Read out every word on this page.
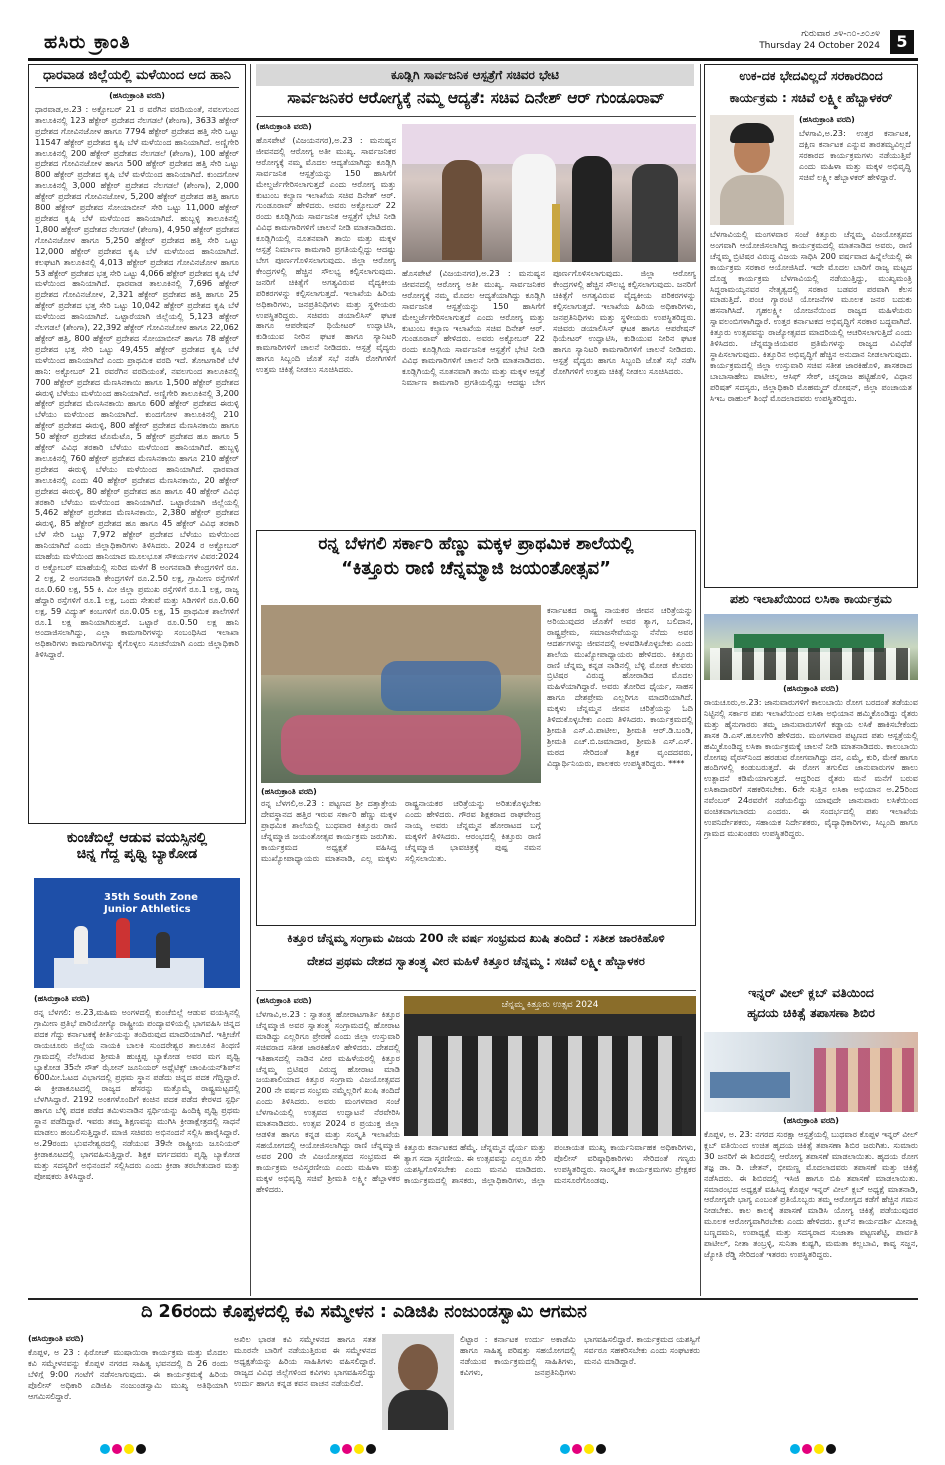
ಹಸಿರು ಕ್ರಾಂತಿ	ಗುರುವಾರ ೨೪-೧೦-೨೦೨೪
Thursday 24 October 2024	5
ಧಾರವಾಡ ಜಿಲ್ಲೆಯಲ್ಲಿ ಮಳೆಯಿಂದ ಆದ ಹಾನಿ
(ಹಸಿರುಕ್ರಾಂತಿ ವರದಿ)
ಧಾರವಾಡ,ಅ.23 : ಅಕ್ಟೋಬರ್ 21 ರ ವರೆಗಿನ ವರದಿಯಂತೆ, ನವಲಗುಂದ ತಾಲೂಕಿನಲ್ಲಿ 123 ಹೆಕ್ಟೇರ್ ಪ್ರದೇಶದ ನೆಲಗಡಲೆ (ಶೇಂಗಾ), 3633 ಹೆಕ್ಟೇರ್ ಪ್ರದೇಶದ ಗೋವಿನಜೋಳ ಹಾಗೂ 7794 ಹೆಕ್ಟೇರ್ ಪ್ರದೇಶದ ಹತ್ತಿ ಸೇರಿ ಒಟ್ಟು 11547 ಹೆಕ್ಟೇರ್ ಪ್ರದೇಶದ ಕೃಷಿ ಬೆಳೆ ಮಳೆಯಿಂದ ಹಾನಿಯಾಗಿದೆ. ಅಣ್ಣಿಗೇರಿ ತಾಲೂಕಿನಲ್ಲಿ 200 ಹೆಕ್ಟೇರ್ ಪ್ರದೇಶದ ನೆಲಗಡಲೆ (ಶೇಂಗಾ), 100 ಹೆಕ್ಟೇರ್ ಪ್ರದೇಶದ ಗೋವಿನಜೋಳ ಹಾಗೂ 500 ಹೆಕ್ಟೇರ್ ಪ್ರದೇಶದ ಹತ್ತಿ ಸೇರಿ ಒಟ್ಟು 800 ಹೆಕ್ಟೇರ್ ಪ್ರದೇಶದ ಕೃಷಿ ಬೆಳೆ ಮಳೆಯಿಂದ ಹಾನಿಯಾಗಿದೆ. ಕುಂದಗೋಳ ತಾಲೂಕಿನಲ್ಲಿ 3,000 ಹೆಕ್ಟೇರ್ ಪ್ರದೇಶದ ನೆಲಗಡಲೆ (ಶೇಂಗಾ), 2,000 ಹೆಕ್ಟೇರ್ ಪ್ರದೇಶದ ಗೋವಿನಜೋಳ, 5,200 ಹೆಕ್ಟೇರ್ ಪ್ರದೇಶದ ಹತ್ತಿ ಹಾಗೂ 800 ಹೆಕ್ಟೇರ್ ಪ್ರದೇಶದ ಸೋಯಾಬೀನ್ ಸೇರಿ ಒಟ್ಟು 11,000 ಹೆಕ್ಟೇರ್ ಪ್ರದೇಶದ ಕೃಷಿ ಬೆಳೆ ಮಳೆಯಿಂದ ಹಾನಿಯಾಗಿದೆ. ಹುಬ್ಬಳ್ಳಿ ತಾಲೂಕಿನಲ್ಲಿ 1,800 ಹೆಕ್ಟೇರ್ ಪ್ರದೇಶದ ನೆಲಗಡಲೆ (ಶೇಂಗಾ), 4,950 ಹೆಕ್ಟೇರ್ ಪ್ರದೇಶದ ಗೋವಿನಜೋಳ ಹಾಗೂ 5,250 ಹೆಕ್ಟೇರ್ ಪ್ರದೇಶದ ಹತ್ತಿ ಸೇರಿ ಒಟ್ಟು 12,000 ಹೆಕ್ಟೇರ್ ಪ್ರದೇಶದ ಕೃಷಿ ಬೆಳೆ ಮಳೆಯಿಂದ ಹಾನಿಯಾಗಿದೆ. ಕಲಘಟಗಿ ತಾಲೂಕಿನಲ್ಲಿ 4,013 ಹೆಕ್ಟೇರ್ ಪ್ರದೇಶದ ಗೋವಿನಜೋಳ ಹಾಗೂ 53 ಹೆಕ್ಟೇರ್ ಪ್ರದೇಶದ ಭತ್ತ ಸೇರಿ ಒಟ್ಟು 4,066 ಹೆಕ್ಟೇರ್ ಪ್ರದೇಶದ ಕೃಷಿ ಬೆಳೆ ಮಳೆಯಿಂದ ಹಾನಿಯಾಗಿದೆ. ಧಾರವಾಡ ತಾಲೂಕಿನಲ್ಲಿ 7,696 ಹೆಕ್ಟೇರ್ ಪ್ರದೇಶದ ಗೋವಿನಜೋಳ, 2,321 ಹೆಕ್ಟೇರ್ ಪ್ರದೇಶದ ಹತ್ತಿ ಹಾಗೂ 25 ಹೆಕ್ಟೇರ್ ಪ್ರದೇಶದ ಭತ್ತ ಸೇರಿ ಒಟ್ಟು 10,042 ಹೆಕ್ಟೇರ್ ಪ್ರದೇಶದ ಕೃಷಿ ಬೆಳೆ ಮಳೆಯಿಂದ ಹಾನಿಯಾಗಿದೆ. ಒಟ್ಟಾರೆಯಾಗಿ ಜಿಲ್ಲೆಯಲ್ಲಿ 5,123 ಹೆಕ್ಟೇರ್ ನೆಲಗಡಲೆ (ಶೇಂಗಾ), 22,392 ಹೆಕ್ಟೇರ್ ಗೋವಿನಜೋಳ ಹಾಗೂ 22,062 ಹೆಕ್ಟೇರ್ ಹತ್ತಿ, 800 ಹೆಕ್ಟೇರ್ ಪ್ರದೇಶದ ಸೋಯಾಬೀನ್ ಹಾಗೂ 78 ಹೆಕ್ಟೇರ್ ಪ್ರದೇಶದ ಭತ್ತ ಸೇರಿ ಒಟ್ಟು 49,455 ಹೆಕ್ಟೇರ್ ಪ್ರದೇಶದ ಕೃಷಿ ಬೆಳೆ ಮಳೆಯಿಂದ ಹಾನಿಯಾಗಿದೆ ಎಂದು ಪ್ರಾಥಮಿಕ ವರದಿ ಇದೆ. ತೋಟಗಾರಿಕೆ ಬೆಳೆ ಹಾನಿ: ಅಕ್ಟೋಬರ್ 21 ರವರೆಗಿನ ವರದಿಯಂತೆ, ನವಲಗುಂದ ತಾಲೂಕಿನಲ್ಲಿ 700 ಹೆಕ್ಟೇರ್ ಪ್ರದೇಶದ ಮೆಣಸಿನಕಾಯಿ ಹಾಗೂ 1,500 ಹೆಕ್ಟೇರ್ ಪ್ರದೇಶದ ಈರುಳ್ಳಿ ಬೆಳೆಯು ಮಳೆಯಿಂದ ಹಾನಿಯಾಗಿದೆ. ಅಣ್ಣಿಗೇರಿ ತಾಲೂಕಿನಲ್ಲಿ 3,200 ಹೆಕ್ಟೇರ್ ಪ್ರದೇಶದ ಮೆಣಸಿನಕಾಯಿ ಹಾಗೂ 600 ಹೆಕ್ಟೇರ್ ಪ್ರದೇಶದ ಈರುಳ್ಳಿ ಬೆಳೆಯು ಮಳೆಯಿಂದ ಹಾನಿಯಾಗಿದೆ. ಕುಂದಗೋಳ ತಾಲೂಕಿನಲ್ಲಿ 210 ಹೆಕ್ಟೇರ್ ಪ್ರದೇಶದ ಈರುಳ್ಳಿ, 800 ಹೆಕ್ಟೇರ್ ಪ್ರದೇಶದ ಮೆಣಸಿನಕಾಯಿ ಹಾಗೂ 50 ಹೆಕ್ಟೇರ್ ಪ್ರದೇಶದ ಟೊಮೆಟೊ, 5 ಹೆಕ್ಟೇರ್ ಪ್ರದೇಶದ ಹೂ ಹಾಗೂ 5 ಹೆಕ್ಟೇರ್ ವಿವಿಧ ತರಕಾರಿ ಬೆಳೆಯು ಮಳೆಯಿಂದ ಹಾನಿಯಾಗಿದೆ. ಹುಬ್ಬಳ್ಳಿ ತಾಲೂಕಿನಲ್ಲಿ 760 ಹೆಕ್ಟೇರ್ ಪ್ರದೇಶದ ಮೆಣಸಿನಕಾಯಿ ಹಾಗೂ 210 ಹೆಕ್ಟೇರ್ ಪ್ರದೇಶದ ಈರುಳ್ಳಿ ಬೆಳೆಯು ಮಳೆಯಿಂದ ಹಾನಿಯಾಗಿದೆ. ಧಾರವಾಡ ತಾಲೂಕಿನಲ್ಲಿ ಎಂದು 40 ಹೆಕ್ಟೇರ್ ಪ್ರದೇಶದ ಮೆಣಸಿನಕಾಯಿ, 20 ಹೆಕ್ಟೇರ್ ಪ್ರದೇಶದ ಈರುಳ್ಳಿ, 80 ಹೆಕ್ಟೇರ್ ಪ್ರದೇಶದ ಹೂ ಹಾಗೂ 40 ಹೆಕ್ಟೇರ್ ವಿವಿಧ ತರಕಾರಿ ಬೆಳೆಯು ಮಳೆಯಿಂದ ಹಾನಿಯಾಗಿದೆ. ಒಟ್ಟಾರೆಯಾಗಿ ಜಿಲ್ಲೆಯಲ್ಲಿ 5,462 ಹೆಕ್ಟೇರ್ ಪ್ರದೇಶದ ಮೆಣಸಿನಕಾಯಿ, 2,380 ಹೆಕ್ಟೇರ್ ಪ್ರದೇಶದ ಈರುಳ್ಳಿ, 85 ಹೆಕ್ಟೇರ್ ಪ್ರದೇಶದ ಹೂ ಹಾಗೂ 45 ಹೆಕ್ಟೇರ್ ವಿವಿಧ ತರಕಾರಿ ಬೆಳೆ ಸೇರಿ ಒಟ್ಟು 7,972 ಹೆಕ್ಟೇರ್ ಪ್ರದೇಶದ ಬೆಳೆಯು ಮಳೆಯಿಂದ ಹಾನಿಯಾಗಿದೆ ಎಂದು ಜಿಲ್ಲಾಧಿಕಾರಿಗಳು ತಿಳಿಸಿದರು. 2024 ರ ಅಕ್ಟೋಬರ್ ಮಾಹೆಯ ಮಳೆಯಿಂದ ಹಾನಿಯಾದ ಮೂಲಭೂತ ಸೌಕರ್ಯಗಳ ವಿವರ:2024 ರ ಅಕ್ಟೋಬರ್ ಮಾಹೆಯಲ್ಲಿ ಸುರಿದ ಮಳೆಗೆ 8 ಅಂಗನವಾಡಿ ಕೇಂದ್ರಗಳಿಗೆ ರೂ. 2 ಲಕ್ಷ, 2 ಅಂಗನವಾಡಿ ಕೇಂದ್ರಗಳಿಗೆ ರೂ.2.50 ಲಕ್ಷ, ಗ್ರಾಮೀಣ ರಸ್ತೆಗಳಿಗೆ ರೂ.0.60 ಲಕ್ಷ, 55 ಕಿ. ಮೀ ಜಿಲ್ಲಾ ಪ್ರಮುಖ ರಸ್ತೆಗಳಿಗೆ ರೂ.1 ಲಕ್ಷ, ರಾಜ್ಯ ಹೆದ್ದಾರಿ ರಸ್ತೆಗಳಿಗೆ ರೂ.1 ಲಕ್ಷ, ಒಂದು ಸೇತುವೆ ಮತ್ತು ಸಿಡಿಗಳಿಗೆ ರೂ.0.60 ಲಕ್ಷ, 59 ವಿದ್ಯುತ್ ಕಂಬಗಳಿಗೆ ರೂ.0.05 ಲಕ್ಷ, 15 ಪ್ರಾಥಮಿಕ ಶಾಲೆಗಳಿಗೆ ರೂ.1 ಲಕ್ಷ ಹಾನಿಯಾಗಿರುತ್ತದೆ. ಒಟ್ಟಾರೆ ರೂ.0.50 ಲಕ್ಷ ಹಾನಿ ಅಂದಾಜಿಸಲಾಗಿದ್ದು, ಎಲ್ಲಾ ಕಾಮಗಾರಿಗಳನ್ನು ಸಂಬಂಧಿಸಿದ ಇಲಾಖಾ ಅಧಿಕಾರಿಗಳು ಕಾಮಗಾರಿಗಳನ್ನು ಕೈಗೊಳ್ಳಲು ಸೂಚನೆಯಾಗಿ ಎಂದು ಜಿಲ್ಲಾಧಿಕಾರಿ ತಿಳಿಸಿದ್ದಾರೆ.
ಕುಂಚೆಬಿಲ್ಲೆ ಆಡುವ ವಯಸ್ಸಿನಲ್ಲಿ
ಚಿನ್ನ ಗೆದ್ದ ಪೃಥ್ವಿ ಬ್ಯಾಕೋಡ
35th South Zone Junior Athletics
(ಹಸಿರುಕ್ರಾಂತಿ ವರದಿ)
ರನ್ನ ಬೆಳಗಲಿ: ಅ.23,ಮಹಿಮ ಅಂಗಳದಲ್ಲಿ ಕುಂಚೆಬಿಲ್ಲೆ ಆಡುವ ವಯಸ್ಸಿನಲ್ಲಿ ಗ್ರಾಮೀಣ ಪ್ರತಿಭೆ ಪಾರಿಯೋಗ್ಯೊ ರಾಷ್ಟ್ರೀಯ ಪಂದ್ಯಾವಳಿಯಲ್ಲಿ ಭಾಗವಹಿಸಿ ಚಿನ್ನದ ಪದಕ ಗೆದ್ದು ಕರ್ನಾಟಕಕ್ಕೆ ಕೀರ್ತಿಯನ್ನು ತಂದಿರುವುದ ಮಾದರಿಯಾಗಿದೆ. ಇತ್ತೀಚೆಗೆ ರಾಯಚೂರು ಜಿಲ್ಲೆಯ ನಾಯಕಿ ಬಾಲಕಿ ಸುಂದರೇಶ್ವರ ತಾಲೂಕಿನ ತಿಂಥಣಿ ಗ್ರಾಮದಲ್ಲಿ ನೆಲೆಸಿರುವ ಶ್ರೀಮತಿ ಹುಚ್ಚಪ್ಪ ಬ್ಯಾಕೋಡ ಅವರ ಮಗ ಪೃಥ್ವಿ ಬ್ಯಾಕೋಡ 35ನೇ ಸೌತ್ ಝೋನ್ ಜೂನಿಯರ್ ಅಥ್ಲೆಟಿಕ್ಸ್ ಚಾಂಪಿಯನ್‌ಶಿಪ್‌ನ 600ಮೀ.ಓಟದ ವಿಭಾಗದಲ್ಲಿ ಪ್ರಥಮ ಸ್ಥಾನ ಪಡೆದು ಚಿನ್ನದ ಪದಕ ಗೆದ್ದಿದ್ದಾರೆ. ಈ ಕ್ರೀಡಾಕೂಟದಲ್ಲಿ ರಾಜ್ಯದ ಹೆಸರನ್ನು ಮತ್ತೊಮ್ಮೆ ರಾಷ್ಟ್ರಮಟ್ಟದಲ್ಲಿ ಬೆಳಗಿಸಿದ್ದಾರೆ. 2192 ಅಂಕಗಳೊಂದಿಗೆ ಕಂಚಿನ ಪದಕ ಪಡೆದ ಕೇರಳದ ಸ್ಪರ್ಧಿ ಹಾಗೂ ಬೆಳ್ಳಿ ಪದಕ ಪಡೆದ ತಮಿಳುನಾಡಿನ ಸ್ಪರ್ಧಿಯನ್ನು ಹಿಂದಿಕ್ಕಿ ಪೃಥ್ವಿ ಪ್ರಥಮ ಸ್ಥಾನ ಪಡೆದಿದ್ದಾರೆ. ಇವರು ತಮ್ಮ ಶಿಕ್ಷಣವನ್ನು ಮುಗಿಸಿ ಕ್ರೀಡಾಕ್ಷೇತ್ರದಲ್ಲಿ ಸಾಧನೆ ಮಾಡಲು ಹಂಬಲಿಸುತ್ತಿದ್ದಾರೆ. ಮಾಜಿ ಸಚಿವರು ಅಭಿನಂದನೆ ಸಲ್ಲಿಸಿ ಹಾರೈಸಿದ್ದಾರೆ. ಅ.29ರಂದು ಭುವನೇಶ್ವರದಲ್ಲಿ ನಡೆಯುವ 39ನೇ ರಾಷ್ಟ್ರೀಯ ಜೂನಿಯರ್ ಕ್ರೀಡಾಕೂಟದಲ್ಲಿ ಭಾಗವಹಿಸುತ್ತಿದ್ದಾರೆ. ಶಿಕ್ಷಕ ವರ್ಗದವರು ಪೃಥ್ವಿ ಬ್ಯಾಕೋಡ ಮತ್ತು ಸದಸ್ಯರಿಗೆ ಅಭಿನಂದನೆ ಸಲ್ಲಿಸಿದರು ಎಂದು ಕ್ರೀಡಾ ತರಬೇತುದಾರ ಮತ್ತು ಪೋಷಕರು ತಿಳಿಸಿದ್ದಾರೆ.
ಕೂಡ್ಲಿಗಿ ಸಾರ್ವಜನಿಕ ಆಸ್ಪತ್ರೆಗೆ ಸಚಿವರ ಭೇಟಿ
ಸಾರ್ವಜನಿಕರ ಆರೋಗ್ಯಕ್ಕೆ ನಮ್ಮ ಆದ್ಯತೆ: ಸಚಿವ ದಿನೇಶ್ ಆರ್ ಗುಂಡೂರಾವ್
(ಹಸಿರುಕ್ರಾಂತಿ ವರದಿ)
ಹೊಸಪೇಟೆ (ವಿಜಯನಗರ),ಅ.23 : ಮನುಷ್ಯನ ಜೀವನದಲ್ಲಿ ಆರೋಗ್ಯ ಅತೀ ಮುಖ್ಯ. ಸಾರ್ವಜನಿಕರ ಆರೋಗ್ಯಕ್ಕೆ ನಮ್ಮ ಮೊದಲ ಆದ್ಯತೆಯಾಗಿದ್ದು ಕೂಡ್ಲಿಗಿ ಸಾರ್ವಜನಿಕ ಆಸ್ಪತ್ರೆಯನ್ನು 150 ಹಾಸಿಗೆಗೆ ಮೇಲ್ದರ್ಜೆಗೇರಿಸಲಾಗುತ್ತದೆ ಎಂದು ಆರೋಗ್ಯ ಮತ್ತು ಕುಟುಂಬ ಕಲ್ಯಾಣ ಇಲಾಖೆಯ ಸಚಿವ ದಿನೇಶ್ ಆರ್. ಗುಂಡೂರಾವ್ ಹೇಳಿದರು. ಅವರು ಅಕ್ಟೋಬರ್ 22 ರಂದು ಕೂಡ್ಲಿಗಿಯ ಸಾರ್ವಜನಿಕ ಆಸ್ಪತ್ರೆಗೆ ಭೇಟಿ ನೀಡಿ ವಿವಿಧ ಕಾಮಗಾರಿಗಳಿಗೆ ಚಾಲನೆ ನೀಡಿ ಮಾತನಾಡಿದರು. ಕೂಡ್ಲಿಗಿಯಲ್ಲಿ ನೂತನವಾಗಿ ತಾಯಿ ಮತ್ತು ಮಕ್ಕಳ ಆಸ್ಪತ್ರೆ ನಿರ್ಮಾಣ ಕಾಮಗಾರಿ ಪ್ರಗತಿಯಲ್ಲಿದ್ದು ಆದಷ್ಟು ಬೇಗ ಪೂರ್ಣಗೊಳಿಸಲಾಗುವುದು. ಜಿಲ್ಲಾ ಆರೋಗ್ಯ ಕೇಂದ್ರಗಳಲ್ಲಿ ಹೆಚ್ಚಿನ ಸೌಲಭ್ಯ ಕಲ್ಪಿಸಲಾಗುವುದು. ಜನರಿಗೆ ಚಿಕಿತ್ಸೆಗೆ ಅಗತ್ಯವಿರುವ ವೈದ್ಯಕೀಯ ಪರಿಕರಗಳನ್ನು ಕಲ್ಪಿಸಲಾಗುತ್ತದೆ. ಇಲಾಖೆಯ ಹಿರಿಯ ಅಧಿಕಾರಿಗಳು, ಜನಪ್ರತಿನಿಧಿಗಳು ಮತ್ತು ಸ್ಥಳೀಯರು ಉಪಸ್ಥಿತರಿದ್ದರು. ಸಚಿವರು ಡಯಾಲಿಸಿಸ್ ಘಟಕ ಹಾಗೂ ಆಪರೇಷನ್ ಥಿಯೇಟರ್ ಉದ್ಘಾಟಿಸಿ, ಕುಡಿಯುವ ನೀರಿನ ಘಟಕ ಹಾಗೂ ಸ್ಯಾನಿಟರಿ ಕಾಮಗಾರಿಗಳಿಗೆ ಚಾಲನೆ ನೀಡಿದರು. ಆಸ್ಪತ್ರೆ ವೈದ್ಯರು ಹಾಗೂ ಸಿಬ್ಬಂದಿ ಜೊತೆ ಸಭೆ ನಡೆಸಿ ರೋಗಿಗಳಿಗೆ ಉತ್ತಮ ಚಿಕಿತ್ಸೆ ನೀಡಲು ಸೂಚಿಸಿದರು.
ಹೊಸಪೇಟೆ (ವಿಜಯನಗರ),ಅ.23 : ಮನುಷ್ಯನ ಜೀವನದಲ್ಲಿ ಆರೋಗ್ಯ ಅತೀ ಮುಖ್ಯ. ಸಾರ್ವಜನಿಕರ ಆರೋಗ್ಯಕ್ಕೆ ನಮ್ಮ ಮೊದಲ ಆದ್ಯತೆಯಾಗಿದ್ದು ಕೂಡ್ಲಿಗಿ ಸಾರ್ವಜನಿಕ ಆಸ್ಪತ್ರೆಯನ್ನು 150 ಹಾಸಿಗೆಗೆ ಮೇಲ್ದರ್ಜೆಗೇರಿಸಲಾಗುತ್ತದೆ ಎಂದು ಆರೋಗ್ಯ ಮತ್ತು ಕುಟುಂಬ ಕಲ್ಯಾಣ ಇಲಾಖೆಯ ಸಚಿವ ದಿನೇಶ್ ಆರ್. ಗುಂಡೂರಾವ್ ಹೇಳಿದರು. ಅವರು ಅಕ್ಟೋಬರ್ 22 ರಂದು ಕೂಡ್ಲಿಗಿಯ ಸಾರ್ವಜನಿಕ ಆಸ್ಪತ್ರೆಗೆ ಭೇಟಿ ನೀಡಿ ವಿವಿಧ ಕಾಮಗಾರಿಗಳಿಗೆ ಚಾಲನೆ ನೀಡಿ ಮಾತನಾಡಿದರು. ಕೂಡ್ಲಿಗಿಯಲ್ಲಿ ನೂತನವಾಗಿ ತಾಯಿ ಮತ್ತು ಮಕ್ಕಳ ಆಸ್ಪತ್ರೆ ನಿರ್ಮಾಣ ಕಾಮಗಾರಿ ಪ್ರಗತಿಯಲ್ಲಿದ್ದು ಆದಷ್ಟು ಬೇಗ ಪೂರ್ಣಗೊಳಿಸಲಾಗುವುದು. ಜಿಲ್ಲಾ ಆರೋಗ್ಯ ಕೇಂದ್ರಗಳಲ್ಲಿ ಹೆಚ್ಚಿನ ಸೌಲಭ್ಯ ಕಲ್ಪಿಸಲಾಗುವುದು. ಜನರಿಗೆ ಚಿಕಿತ್ಸೆಗೆ ಅಗತ್ಯವಿರುವ ವೈದ್ಯಕೀಯ ಪರಿಕರಗಳನ್ನು ಕಲ್ಪಿಸಲಾಗುತ್ತದೆ. ಇಲಾಖೆಯ ಹಿರಿಯ ಅಧಿಕಾರಿಗಳು, ಜನಪ್ರತಿನಿಧಿಗಳು ಮತ್ತು ಸ್ಥಳೀಯರು ಉಪಸ್ಥಿತರಿದ್ದರು. ಸಚಿವರು ಡಯಾಲಿಸಿಸ್ ಘಟಕ ಹಾಗೂ ಆಪರೇಷನ್ ಥಿಯೇಟರ್ ಉದ್ಘಾಟಿಸಿ, ಕುಡಿಯುವ ನೀರಿನ ಘಟಕ ಹಾಗೂ ಸ್ಯಾನಿಟರಿ ಕಾಮಗಾರಿಗಳಿಗೆ ಚಾಲನೆ ನೀಡಿದರು. ಆಸ್ಪತ್ರೆ ವೈದ್ಯರು ಹಾಗೂ ಸಿಬ್ಬಂದಿ ಜೊತೆ ಸಭೆ ನಡೆಸಿ ರೋಗಿಗಳಿಗೆ ಉತ್ತಮ ಚಿಕಿತ್ಸೆ ನೀಡಲು ಸೂಚಿಸಿದರು.
ರನ್ನ ಬೆಳಗಲಿ ಸರ್ಕಾರಿ ಹೆಣ್ಣು ಮಕ್ಕಳ ಪ್ರಾಥಮಿಕ ಶಾಲೆಯಲ್ಲಿ
“ಕಿತ್ತೂರು ರಾಣಿ ಚೆನ್ನಮ್ಮಾಜಿ ಜಯಂತೋತ್ಸವ”
ಕರ್ನಾಟಕದ ರಾಷ್ಟ್ರ ನಾಯಕರ ಜೀವನ ಚರಿತ್ರೆಯನ್ನು ಅರಿಯುವುದರ ಜೊತೆಗೆ ಅವರ ತ್ಯಾಗ, ಬಲಿದಾನ, ರಾಷ್ಟ್ರಪ್ರೇಮ, ಸಮಾಜಸೇವೆಯನ್ನು ನೆನೆದು ಅವರ ಆದರ್ಶಗಳನ್ನು ಜೀವನದಲ್ಲಿ ಅಳವಡಿಸಿಕೊಳ್ಳಬೇಕು ಎಂದು ಶಾಲೆಯ ಮುಖ್ಯೋಪಾಧ್ಯಾಯರು ಹೇಳಿದರು. ಕಿತ್ತೂರು ರಾಣಿ ಚೆನ್ನಮ್ಮ ಕನ್ನಡ ನಾಡಿನಲ್ಲಿ ಬೆಳ್ಳಿ ಮೋಡ ಕೆಲವರು ಬ್ರಿಟಿಷರ ವಿರುದ್ಧ ಹೋರಾಡಿದ ಮೊದಲ ಮಹಿಳೆಯಾಗಿದ್ದಾರೆ. ಅವರು ತೋರಿದ ಧೈರ್ಯ, ಸಾಹಸ ಹಾಗೂ ದೇಶಪ್ರೇಮ ಎಲ್ಲರಿಗೂ ಮಾದರಿಯಾಗಿದೆ. ಮಕ್ಕಳು ಚೆನ್ನಮ್ಮನ ಜೀವನ ಚರಿತ್ರೆಯನ್ನು ಓದಿ ತಿಳಿದುಕೊಳ್ಳಬೇಕು ಎಂದು ತಿಳಿಸಿದರು. ಕಾರ್ಯಕ್ರಮದಲ್ಲಿ ಶ್ರೀಮತಿ ಎಸ್.ವಿ.ಪಾಟೀಲ, ಶ್ರೀಮತಿ ಆರ್.ಡಿ.ಬಂಡಿ, ಶ್ರೀಮತಿ ಎಚ್.ಬಿ.ಜಮಾದಾರ, ಶ್ರೀಮತಿ ಎಸ್.ಎಸ್. ಮಠದ ಸೇರಿದಂತೆ ಶಿಕ್ಷಕ ವೃಂದದವರು, ವಿದ್ಯಾರ್ಥಿನಿಯರು, ಪಾಲಕರು ಉಪಸ್ಥಿತರಿದ್ದರು. ****
(ಹಸಿರುಕ್ರಾಂತಿ ವರದಿ)
ರನ್ನ ಬೆಳಗಲಿ,ಅ.23 : ಪಟ್ಟಣದ ಶ್ರೀ ದತ್ತಾತ್ರೇಯ ದೇವಸ್ಥಾನದ ಹತ್ತಿರ ಇರುವ ಸರ್ಕಾರಿ ಹೆಣ್ಣು ಮಕ್ಕಳ ಪ್ರಾಥಮಿಕ ಶಾಲೆಯಲ್ಲಿ ಬುಧವಾರ ಕಿತ್ತೂರು ರಾಣಿ ಚೆನ್ನಮ್ಮಾಜಿ ಜಯಂತೋತ್ಸವ ಕಾರ್ಯಕ್ರಮ ಜರುಗಿತು. ಕಾರ್ಯಕ್ರಮದ ಅಧ್ಯಕ್ಷತೆ ವಹಿಸಿದ್ದ ಮುಖ್ಯೋಪಾಧ್ಯಾಯರು ಮಾತನಾಡಿ, ಎಲ್ಲ ಮಕ್ಕಳು ರಾಷ್ಟ್ರನಾಯಕರ ಚರಿತ್ರೆಯನ್ನು ಅರಿತುಕೊಳ್ಳಬೇಕು ಎಂದು ಹೇಳಿದರು. ಗೌರವ ಶಿಕ್ಷಕರಾದ ರಾಘವೇಂದ್ರ ನಾಯ್ಕ ಅವರು ಚೆನ್ನಮ್ಮನ ಹೋರಾಟದ ಬಗ್ಗೆ ಮಕ್ಕಳಿಗೆ ತಿಳಿಸಿದರು. ಆರಂಭದಲ್ಲಿ ಕಿತ್ತೂರು ರಾಣಿ ಚೆನ್ನಮ್ಮಾಜಿ ಭಾವಚಿತ್ರಕ್ಕೆ ಪುಷ್ಪ ನಮನ ಸಲ್ಲಿಸಲಾಯಿತು.
ಕಿತ್ತೂರ ಚೆನ್ನಮ್ಮ ಸಂಗ್ರಾಮ ವಿಜಯ 200 ನೇ ವರ್ಷ ಸಂಭ್ರಮದ ಖುಷಿ ತಂದಿದೆ : ಸತೀಶ ಜಾರಕಿಹೊಳಿ
ದೇಶದ ಪ್ರಥಮ ದೇಶದ ಸ್ವಾತಂತ್ರ್ಯ ವೀರ ಮಹಿಳೆ ಕಿತ್ತೂರ ಚೆನ್ನಮ್ಮ : ಸಚಿವೆ ಲಕ್ಷ್ಮೀ ಹೆಬ್ಬಾಳಕರ
(ಹಸಿರುಕ್ರಾಂತಿ ವರದಿ)
ಬೆಳಗಾವಿ,ಅ.23 : ಸ್ವಾತಂತ್ರ್ಯ ಹೋರಾಟಗಾರ್ತಿ ಕಿತ್ತೂರ ಚೆನ್ನಮ್ಮಾಜಿ ಅವರ ಸ್ವಾತಂತ್ರ್ಯ ಸಂಗ್ರಾಮದಲ್ಲಿ ಹೋರಾಟ ಮಾಡಿದ್ದು ಎಲ್ಲರಿಗೂ ಪ್ರೇರಣೆ ಎಂದು ಜಿಲ್ಲಾ ಉಸ್ತುವಾರಿ ಸಚಿವರಾದ ಸತೀಶ ಜಾರಕಿಹೊಳಿ ಹೇಳಿದರು. ದೇಶದಲ್ಲಿ ಇತಿಹಾಸದಲ್ಲಿ ನಾಡಿನ ವೀರ ಮಹಿಳೆಯರಲ್ಲಿ ಕಿತ್ತೂರ ಚೆನ್ನಮ್ಮ ಬ್ರಿಟಿಷರ ವಿರುದ್ಧ ಹೋರಾಟ ಮಾಡಿ ಜಯಶಾಲಿಯಾದ ಕಿತ್ತೂರ ಸಂಗ್ರಾಮ ವಿಜಯೋತ್ಸವದ 200 ನೇ ವರ್ಷದ ಸಂಭ್ರಮ ನಮ್ಮೆಲ್ಲರಿಗೆ ಖುಷಿ ತಂದಿದೆ ಎಂದು ತಿಳಿಸಿದರು. ಅವರು ಮಂಗಳವಾರ ಸಂಜೆ ಬೆಳಗಾವಿಯಲ್ಲಿ ಉತ್ಸವದ ಉದ್ಘಾಟನೆ ನೆರವೇರಿಸಿ ಮಾತನಾಡಿದರು. ಉತ್ಸವ 2024 ರ ಪ್ರಯುಕ್ತ ಜಿಲ್ಲಾ ಆಡಳಿತ ಹಾಗೂ ಕನ್ನಡ ಮತ್ತು ಸಂಸ್ಕೃತಿ ಇಲಾಖೆಯ ಸಹಯೋಗದಲ್ಲಿ ಆಯೋಜಿಸಲಾಗಿದ್ದು ರಾಣಿ ಚೆನ್ನಮ್ಮಾಜಿ ಅವರ 200 ನೇ ವಿಜಯೋತ್ಸವದ ಸಂಭ್ರಮದ ಈ ಕಾರ್ಯಕ್ರಮ ಅವಿಸ್ಮರಣೀಯ ಎಂದು ಮಹಿಳಾ ಮತ್ತು ಮಕ್ಕಳ ಅಭಿವೃದ್ಧಿ ಸಚಿವೆ ಶ್ರೀಮತಿ ಲಕ್ಷ್ಮೀ ಹೆಬ್ಬಾಳಕರ ಹೇಳಿದರು.
ಚೆನ್ನಮ್ಮ ಕಿತ್ತೂರು ಉತ್ಸವ 2024
ಕಿತ್ತೂರು ಕರ್ನಾಟಕದ ಹೆಮ್ಮೆ. ಚೆನ್ನಮ್ಮನ ಧೈರ್ಯ ಮತ್ತು ತ್ಯಾಗ ಸದಾ ಸ್ಮರಣೀಯ. ಈ ಉತ್ಸವವನ್ನು ಎಲ್ಲರೂ ಸೇರಿ ಯಶಸ್ವಿಗೊಳಿಸಬೇಕು ಎಂದು ಮನವಿ ಮಾಡಿದರು. ಕಾರ್ಯಕ್ರಮದಲ್ಲಿ ಶಾಸಕರು, ಜಿಲ್ಲಾಧಿಕಾರಿಗಳು, ಜಿಲ್ಲಾ ಪಂಚಾಯತ ಮುಖ್ಯ ಕಾರ್ಯನಿರ್ವಾಹಕ ಅಧಿಕಾರಿಗಳು, ಪೊಲೀಸ್ ವರಿಷ್ಠಾಧಿಕಾರಿಗಳು ಸೇರಿದಂತೆ ಗಣ್ಯರು ಉಪಸ್ಥಿತರಿದ್ದರು. ಸಾಂಸ್ಕೃತಿಕ ಕಾರ್ಯಕ್ರಮಗಳು ಪ್ರೇಕ್ಷಕರ ಮನಸೂರೆಗೊಂಡವು.
ಉಕ-ದಕ ಭೇದವಿಲ್ಲದೆ ಸರಕಾರದಿಂದ
ಕಾರ್ಯಕ್ರಮ : ಸಚಿವೆ ಲಕ್ಷ್ಮೀ ಹೆಬ್ಬಾಳಕರ್
(ಹಸಿರುಕ್ರಾಂತಿ ವರದಿ)
ಬೆಳಗಾವಿ,ಅ.23: ಉತ್ತರ ಕರ್ನಾಟಕ, ದಕ್ಷಿಣ ಕರ್ನಾಟಕ ಎನ್ನುವ ತಾರತಮ್ಯವಿಲ್ಲದೆ ಸರಕಾರದ ಕಾರ್ಯಕ್ರಮಗಳು ನಡೆಯುತ್ತಿವೆ ಎಂದು ಮಹಿಳಾ ಮತ್ತು ಮಕ್ಕಳ ಅಭಿವೃದ್ಧಿ ಸಚಿವೆ ಲಕ್ಷ್ಮೀ ಹೆಬ್ಬಾಳಕರ್ ಹೇಳಿದ್ದಾರೆ.
ಬೆಳಗಾವಿಯಲ್ಲಿ ಮಂಗಳವಾರ ಸಂಜೆ ಕಿತ್ತೂರು ಚೆನ್ನಮ್ಮ ವಿಜಯೋತ್ಸವದ ಅಂಗವಾಗಿ ಆಯೋಜಿಸಲಾಗಿದ್ದ ಕಾರ್ಯಕ್ರಮದಲ್ಲಿ ಮಾತನಾಡಿದ ಅವರು, ರಾಣಿ ಚೆನ್ನಮ್ಮ ಬ್ರಿಟಿಷರ ವಿರುದ್ಧ ವಿಜಯ ಸಾಧಿಸಿ 200 ವರ್ಷವಾದ ಹಿನ್ನೆಲೆಯಲ್ಲಿ ಈ ಕಾರ್ಯಕ್ರಮ ಸರಕಾರ ಆಯೋಜಿಸಿದೆ. ಇದೇ ಮೊದಲ ಬಾರಿಗೆ ರಾಜ್ಯ ಮಟ್ಟದ ದೊಡ್ಡ ಕಾರ್ಯಕ್ರಮ ಬೆಳಗಾವಿಯಲ್ಲಿ ನಡೆಯುತ್ತಿದ್ದು, ಮುಖ್ಯಮಂತ್ರಿ ಸಿದ್ದರಾಮಯ್ಯನವರ ನೇತೃತ್ವದಲ್ಲಿ ಸರಕಾರ ಬಡವರ ಪರವಾಗಿ ಕೆಲಸ ಮಾಡುತ್ತಿದೆ. ಪಂಚ ಗ್ಯಾರಂಟಿ ಯೋಜನೆಗಳ ಮೂಲಕ ಜನರ ಬದುಕು ಹಸನಾಗಿಸಿದೆ. ಗೃಹಲಕ್ಷ್ಮೀ ಯೋಜನೆಯಿಂದ ರಾಜ್ಯದ ಮಹಿಳೆಯರು ಸ್ವಾವಲಂಬಿಗಳಾಗಿದ್ದಾರೆ. ಉತ್ತರ ಕರ್ನಾಟಕದ ಅಭಿವೃದ್ಧಿಗೆ ಸರಕಾರ ಬದ್ಧವಾಗಿದೆ. ಕಿತ್ತೂರು ಉತ್ಸವವನ್ನು ರಾಜ್ಯೋತ್ಸವದ ಮಾದರಿಯಲ್ಲಿ ಆಚರಿಸಲಾಗುತ್ತಿದೆ ಎಂದು ತಿಳಿಸಿದರು. ಚೆನ್ನಮ್ಮಾಜಿಯವರ ಪ್ರತಿಮೆಗಳನ್ನು ರಾಜ್ಯದ ವಿವಿಧೆಡೆ ಸ್ಥಾಪಿಸಲಾಗುವುದು. ಕಿತ್ತೂರಿನ ಅಭಿವೃದ್ಧಿಗೆ ಹೆಚ್ಚಿನ ಅನುದಾನ ನೀಡಲಾಗುವುದು. ಕಾರ್ಯಕ್ರಮದಲ್ಲಿ ಜಿಲ್ಲಾ ಉಸ್ತುವಾರಿ ಸಚಿವ ಸತೀಶ ಜಾರಕಿಹೊಳಿ, ಶಾಸಕರಾದ ಬಾಬಾಸಾಹೇಬ ಪಾಟೀಲ, ಆಸಿಫ್ ಸೇಠ್, ಚನ್ನರಾಜ ಹಟ್ಟಿಹೊಳಿ, ವಿಧಾನ ಪರಿಷತ್ ಸದಸ್ಯರು, ಜಿಲ್ಲಾಧಿಕಾರಿ ಮೊಹಮ್ಮದ್ ರೋಷನ್, ಜಿಲ್ಲಾ ಪಂಚಾಯತ ಸಿಇಒ ರಾಹುಲ್ ಶಿಂಧೆ ಮೊದಲಾದವರು ಉಪಸ್ಥಿತರಿದ್ದರು.
ಪಶು ಇಲಾಖೆಯಿಂದ ಲಸಿಕಾ ಕಾರ್ಯಕ್ರಮ
(ಹಸಿರುಕ್ರಾಂತಿ ವರದಿ)
ರಾಯಚೂರು,ಅ.23: ಜಾನುವಾರುಗಳಿಗೆ ಕಾಲುಬಾಯಿ ರೋಗ ಬರದಂತೆ ತಡೆಯುವ ನಿಟ್ಟಿನಲ್ಲಿ ಸರ್ಕಾರ ಪಶು ಇಲಾಖೆಯಿಂದ ಲಸಿಕಾ ಅಭಿಯಾನ ಹಮ್ಮಿಕೊಂಡಿದ್ದು ರೈತರು ಮತ್ತು ಹೈನುಗಾರರು ತಮ್ಮ ಜಾನುವಾರುಗಳಿಗೆ ಕಡ್ಡಾಯ ಲಸಿಕೆ ಹಾಕಿಸಬೇಕೆಂದು ಶಾಸಕ ಡಿ.ಎಸ್.ಹೂಲಗೇರಿ ಹೇಳಿದರು. ಮಂಗಳವಾರ ಪಟ್ಟಣದ ಪಶು ಆಸ್ಪತ್ರೆಯಲ್ಲಿ ಹಮ್ಮಿಕೊಂಡಿದ್ದ ಲಸಿಕಾ ಕಾರ್ಯಕ್ರಮಕ್ಕೆ ಚಾಲನೆ ನೀಡಿ ಮಾತನಾಡಿದರು. ಕಾಲುಬಾಯಿ ರೋಗವು ವೈರಸ್‌ನಿಂದ ಹರಡುವ ರೋಗವಾಗಿದ್ದು ದನ, ಎಮ್ಮೆ, ಕುರಿ, ಮೇಕೆ ಹಾಗೂ ಹಂದಿಗಳಲ್ಲಿ ಕಂಡುಬರುತ್ತದೆ. ಈ ರೋಗ ತಗುಲಿದ ಜಾನುವಾರುಗಳ ಹಾಲು ಉತ್ಪಾದನೆ ಕಡಿಮೆಯಾಗುತ್ತದೆ. ಆದ್ದರಿಂದ ರೈತರು ಮನೆ ಮನೆಗೆ ಬರುವ ಲಸಿಕಾದಾರರಿಗೆ ಸಹಕರಿಸಬೇಕು. 6ನೇ ಸುತ್ತಿನ ಲಸಿಕಾ ಅಭಿಯಾನ ಅ.25ರಿಂದ ನವೆಂಬರ್ 24ರವರೆಗೆ ನಡೆಯಲಿದ್ದು ಯಾವುದೇ ಜಾನುವಾರು ಲಸಿಕೆಯಿಂದ ವಂಚಿತವಾಗಬಾರದು ಎಂದರು. ಈ ಸಂದರ್ಭದಲ್ಲಿ ಪಶು ಇಲಾಖೆಯ ಉಪನಿರ್ದೇಶಕರು, ಸಹಾಯಕ ನಿರ್ದೇಶಕರು, ವೈದ್ಯಾಧಿಕಾರಿಗಳು, ಸಿಬ್ಬಂದಿ ಹಾಗೂ ಗ್ರಾಮದ ಮುಖಂಡರು ಉಪಸ್ಥಿತರಿದ್ದರು.
ಇನ್ನರ್ ವೀಲ್ ಕ್ಲಬ್ ವತಿಯಿಂದ
ಹೃದಯ ಚಿಕಿತ್ಸೆ ತಪಾಸಣಾ ಶಿಬಿರ
(ಹಸಿರುಕ್ರಾಂತಿ ವರದಿ)
ಕೊಪ್ಪಳ, ಅ. 23: ನಗರದ ಸುರಕ್ಷಾ ಆಸ್ಪತ್ರೆಯಲ್ಲಿ ಬುಧವಾರ ಕೊಪ್ಪಳ ಇನ್ನರ್ ವೀಲ್ ಕ್ಲಬ್ ವತಿಯಿಂದ ಉಚಿತ ಹೃದಯ ಚಿಕಿತ್ಸೆ ತಪಾಸಣಾ ಶಿಬಿರ ಜರುಗಿತು. ಸುಮಾರು 30 ಜನರಿಗೆ ಈ ಶಿಬಿರದಲ್ಲಿ ಆರೋಗ್ಯ ತಪಾಸಣೆ ಮಾಡಲಾಯಿತು. ಹೃದಯ ರೋಗ ತಜ್ಞ ಡಾ. ಡಿ. ಚೇತನ್, ಭೀಮಣ್ಣ ಮೊದಲಾದವರು ತಪಾಸಣೆ ಮತ್ತು ಚಿಕಿತ್ಸೆ ನಡೆಸಿದರು. ಈ ಶಿಬಿರದಲ್ಲಿ ಇಸಿಜಿ ಹಾಗೂ ಬಿಪಿ ತಪಾಸಣೆ ಮಾಡಲಾಯಿತು. ಸಮಾರಂಭದ ಅಧ್ಯಕ್ಷತೆ ವಹಿಸಿದ್ದ ಕೊಪ್ಪಳ ಇನ್ನರ್ ವೀಲ್ ಕ್ಲಬ್ ಅಧ್ಯಕ್ಷೆ ಮಾತನಾಡಿ, ಆರೋಗ್ಯವೇ ಭಾಗ್ಯ ಎಂಬಂತೆ ಪ್ರತಿಯೊಬ್ಬರು ತಮ್ಮ ಆರೋಗ್ಯದ ಕಡೆಗೆ ಹೆಚ್ಚಿನ ಗಮನ ನೀಡಬೇಕು. ಕಾಲ ಕಾಲಕ್ಕೆ ತಪಾಸಣೆ ಮಾಡಿಸಿ ಯೋಗ್ಯ ಚಿಕಿತ್ಸೆ ಪಡೆಯುವುದರ ಮೂಲಕ ಆರೋಗ್ಯವಾಗಿರಬೇಕು ಎಂದು ಹೇಳಿದರು. ಕ್ಲಬ್‌ನ ಕಾರ್ಯದರ್ಶಿ ಮೀನಾಕ್ಷಿ ಬಣ್ಣದಮನಿ, ಉಪಾಧ್ಯಕ್ಷೆ ಮತ್ತು ಸದಸ್ಯರಾದ ಸುಜಾತಾ ಪಟ್ಟಣಶೆಟ್ಟಿ, ಪಾರ್ವತಿ ಪಾಟೀಲ್, ನೀತಾ ತಂಬ್ರಳ್ಳಿ, ಸುನಿತಾ ಕುಷ್ಟಗಿ, ಮಮತಾ ಕಲ್ಲಬಾವಿ, ಕಾವ್ಯ ಸಜ್ಜನ, ಜ್ಯೋತಿ ರೆಡ್ಡಿ ಸೇರಿದಂತೆ ಇತರರು ಉಪಸ್ಥಿತರಿದ್ದರು.
ದಿ 26ರಂದು ಕೊಪ್ಪಳದಲ್ಲಿ ಕವಿ ಸಮ್ಮೇಳನ : ಎಡಿಜಿಪಿ ನಂಜುಂಡಸ್ವಾಮಿ ಆಗಮನ
(ಹಸಿರುಕ್ರಾಂತಿ ವರದಿ)
ಕೊಪ್ಪಳ, ಅ 23 : ಫಿರೋಜ್ ಮುಷಾಯಿರಾ ಕಾರ್ಯಕ್ರಮ ಮತ್ತು ಮೊದಲ ಕವಿ ಸಮ್ಮೇಳನವನ್ನು ಕೊಪ್ಪಳ ನಗರದ ಸಾಹಿತ್ಯ ಭವನದಲ್ಲಿ ದಿ 26 ರಂದು ಬೆಳಿಗ್ಗೆ 9:00 ಗಂಟೆಗೆ ನಡೆಸಲಾಗುವುದು. ಈ ಕಾರ್ಯಕ್ರಮಕ್ಕೆ ಹಿರಿಯ ಪೊಲೀಸ್ ಅಧಿಕಾರಿ ಎಡಿಜಿಪಿ ನಂಜುಂಡಸ್ವಾಮಿ ಮುಖ್ಯ ಅತಿಥಿಯಾಗಿ ಆಗಮಿಸಲಿದ್ದಾರೆ.
ಅಖಿಲ ಭಾರತ ಕವಿ ಸಮ್ಮೇಳನದ ಹಾಗೂ ಸತತ ಮೂರನೇ ಬಾರಿಗೆ ನಡೆಯುತ್ತಿರುವ ಈ ಸಮ್ಮೇಳನದ ಅಧ್ಯಕ್ಷತೆಯನ್ನು ಹಿರಿಯ ಸಾಹಿತಿಗಳು ವಹಿಸಲಿದ್ದಾರೆ. ರಾಜ್ಯದ ವಿವಿಧ ಜಿಲ್ಲೆಗಳಿಂದ ಕವಿಗಳು ಭಾಗವಹಿಸಲಿದ್ದು ಉರ್ದು ಹಾಗೂ ಕನ್ನಡ ಕವನ ವಾಚನ ನಡೆಯಲಿದೆ.
ಲಿಟ್ಟಾರ : ಕರ್ನಾಟಕ ಉರ್ದು ಅಕಾಡೆಮಿ ಹಾಗೂ ಸಾಹಿತ್ಯ ಪರಿಷತ್ತು ಸಹಯೋಗದಲ್ಲಿ ನಡೆಯುವ ಕಾರ್ಯಕ್ರಮದಲ್ಲಿ ಸಾಹಿತಿಗಳು, ಕವಿಗಳು, ಜನಪ್ರತಿನಿಧಿಗಳು ಭಾಗವಹಿಸಲಿದ್ದಾರೆ. ಕಾರ್ಯಕ್ರಮದ ಯಶಸ್ವಿಗೆ ಸರ್ವರೂ ಸಹಕರಿಸಬೇಕು ಎಂದು ಸಂಘಟಕರು ಮನವಿ ಮಾಡಿದ್ದಾರೆ.
